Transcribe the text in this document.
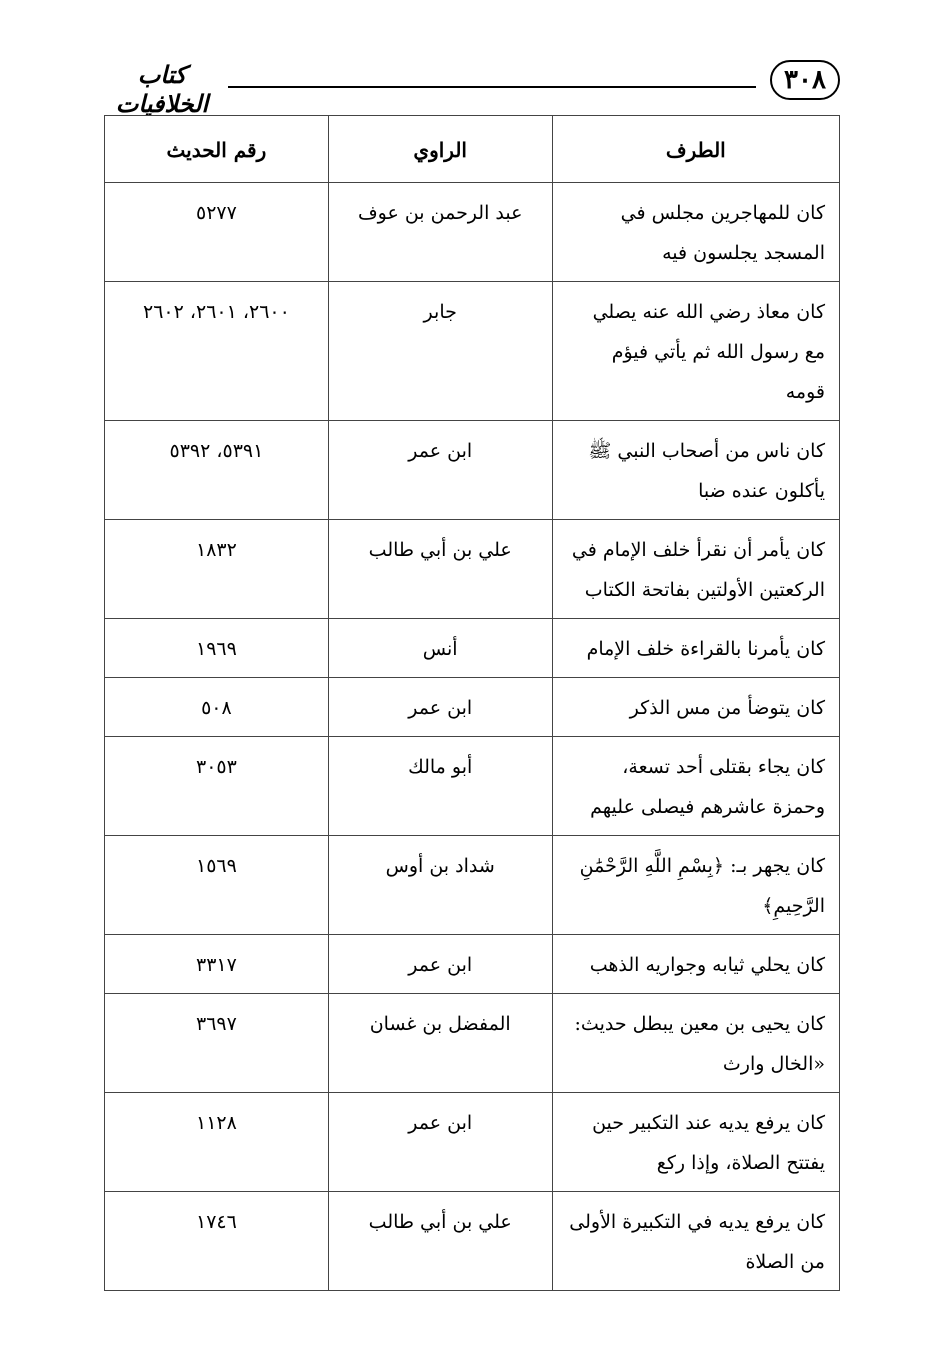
٣٠٨
كتاب الخلافيات
الطرف	الراوي	رقم الحديث
كان للمهاجرين مجلس في المسجد يجلسون فيه	عبد الرحمن بن عوف	٥٢٧٧
كان معاذ رضي الله عنه يصلي مع رسول الله ثم يأتي فيؤم قومه	جابر	٢٦٠٠، ٢٦٠١، ٢٦٠٢
كان ناس من أصحاب النبي ﷺ يأكلون عنده ضبا	ابن عمر	٥٣٩١، ٥٣٩٢
كان يأمر أن نقرأ خلف الإمام في الركعتين الأولتين بفاتحة الكتاب	علي بن أبي طالب	١٨٣٢
كان يأمرنا بالقراءة خلف الإمام	أنس	١٩٦٩
كان يتوضأ من مس الذكر	ابن عمر	٥٠٨
كان يجاء بقتلى أحد تسعة، وحمزة عاشرهم فيصلى عليهم	أبو مالك	٣٠٥٣
كان يجهر بـ: ﴿بِسْمِ اللَّهِ الرَّحْمَٰنِ الرَّحِيمِ﴾	شداد بن أوس	١٥٦٩
كان يحلي ثيابه وجواريه الذهب	ابن عمر	٣٣١٧
كان يحيى بن معين يبطل حديث: «الخال وارث	المفضل بن غسان	٣٦٩٧
كان يرفع يديه عند التكبير حين يفتتح الصلاة، وإذا ركع	ابن عمر	١١٢٨
كان يرفع يديه في التكبيرة الأولى من الصلاة	علي بن أبي طالب	١٧٤٦
